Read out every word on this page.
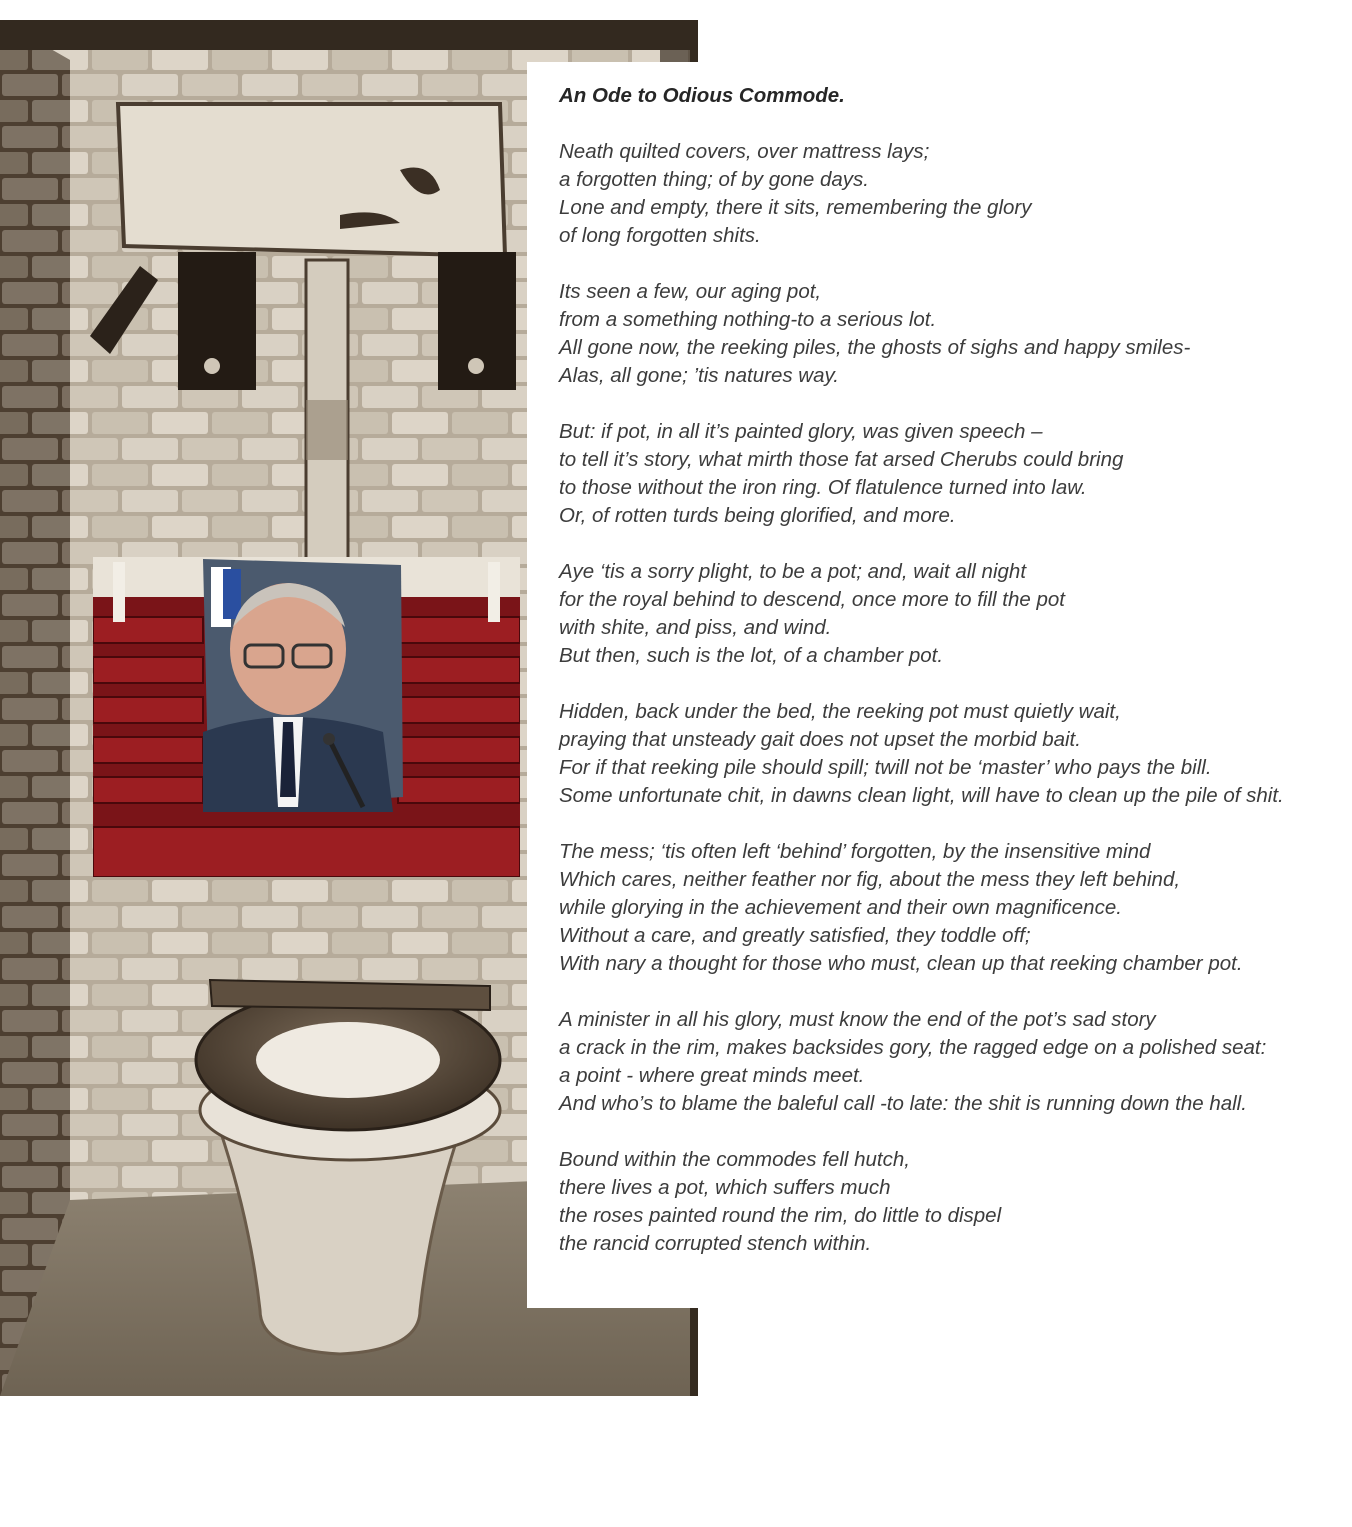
An Ode to Odious Commode.
Neath quilted covers, over mattress lays;
a forgotten thing; of by gone days.
Lone and empty, there it sits, remembering the glory
of long forgotten shits.
Its seen a few, our aging pot,
from a something nothing-to a serious lot.
All gone now, the reeking piles, the ghosts of sighs and happy smiles-
Alas, all gone; ’tis natures way.
But: if pot, in all it’s painted glory, was given speech –
to tell it’s story, what mirth those fat arsed Cherubs could bring
to those without the iron ring. Of flatulence turned into law.
Or, of rotten turds being glorified, and more.
Aye ‘tis a sorry plight, to be a pot; and, wait all night
for the royal behind to descend, once more to fill the pot
with shite, and piss, and wind.
But then, such is the lot, of a chamber pot.
Hidden, back under the bed, the reeking pot must quietly wait,
praying that unsteady gait does not upset the morbid bait.
For if that reeking pile should spill; twill not be ‘master’ who pays the bill.
Some unfortunate chit, in dawns clean light, will have to clean up the pile of shit.
The mess; ‘tis often left ‘behind’ forgotten, by the insensitive mind
Which cares, neither feather nor fig, about the mess they left behind,
while glorying in the achievement and their own magnificence.
Without a care, and greatly satisfied, they toddle off;
With nary a thought for those who must, clean up that reeking chamber pot.
A minister in all his glory, must know the end of the pot’s sad story
a crack in the rim, makes backsides gory, the ragged edge on a polished seat:
a point - where great minds meet.
And who’s to blame the baleful call -to late: the shit is running down the hall.
Bound within the commodes fell hutch,
there lives a pot, which suffers much
the roses painted round the rim, do little to dispel
the rancid corrupted stench within.
